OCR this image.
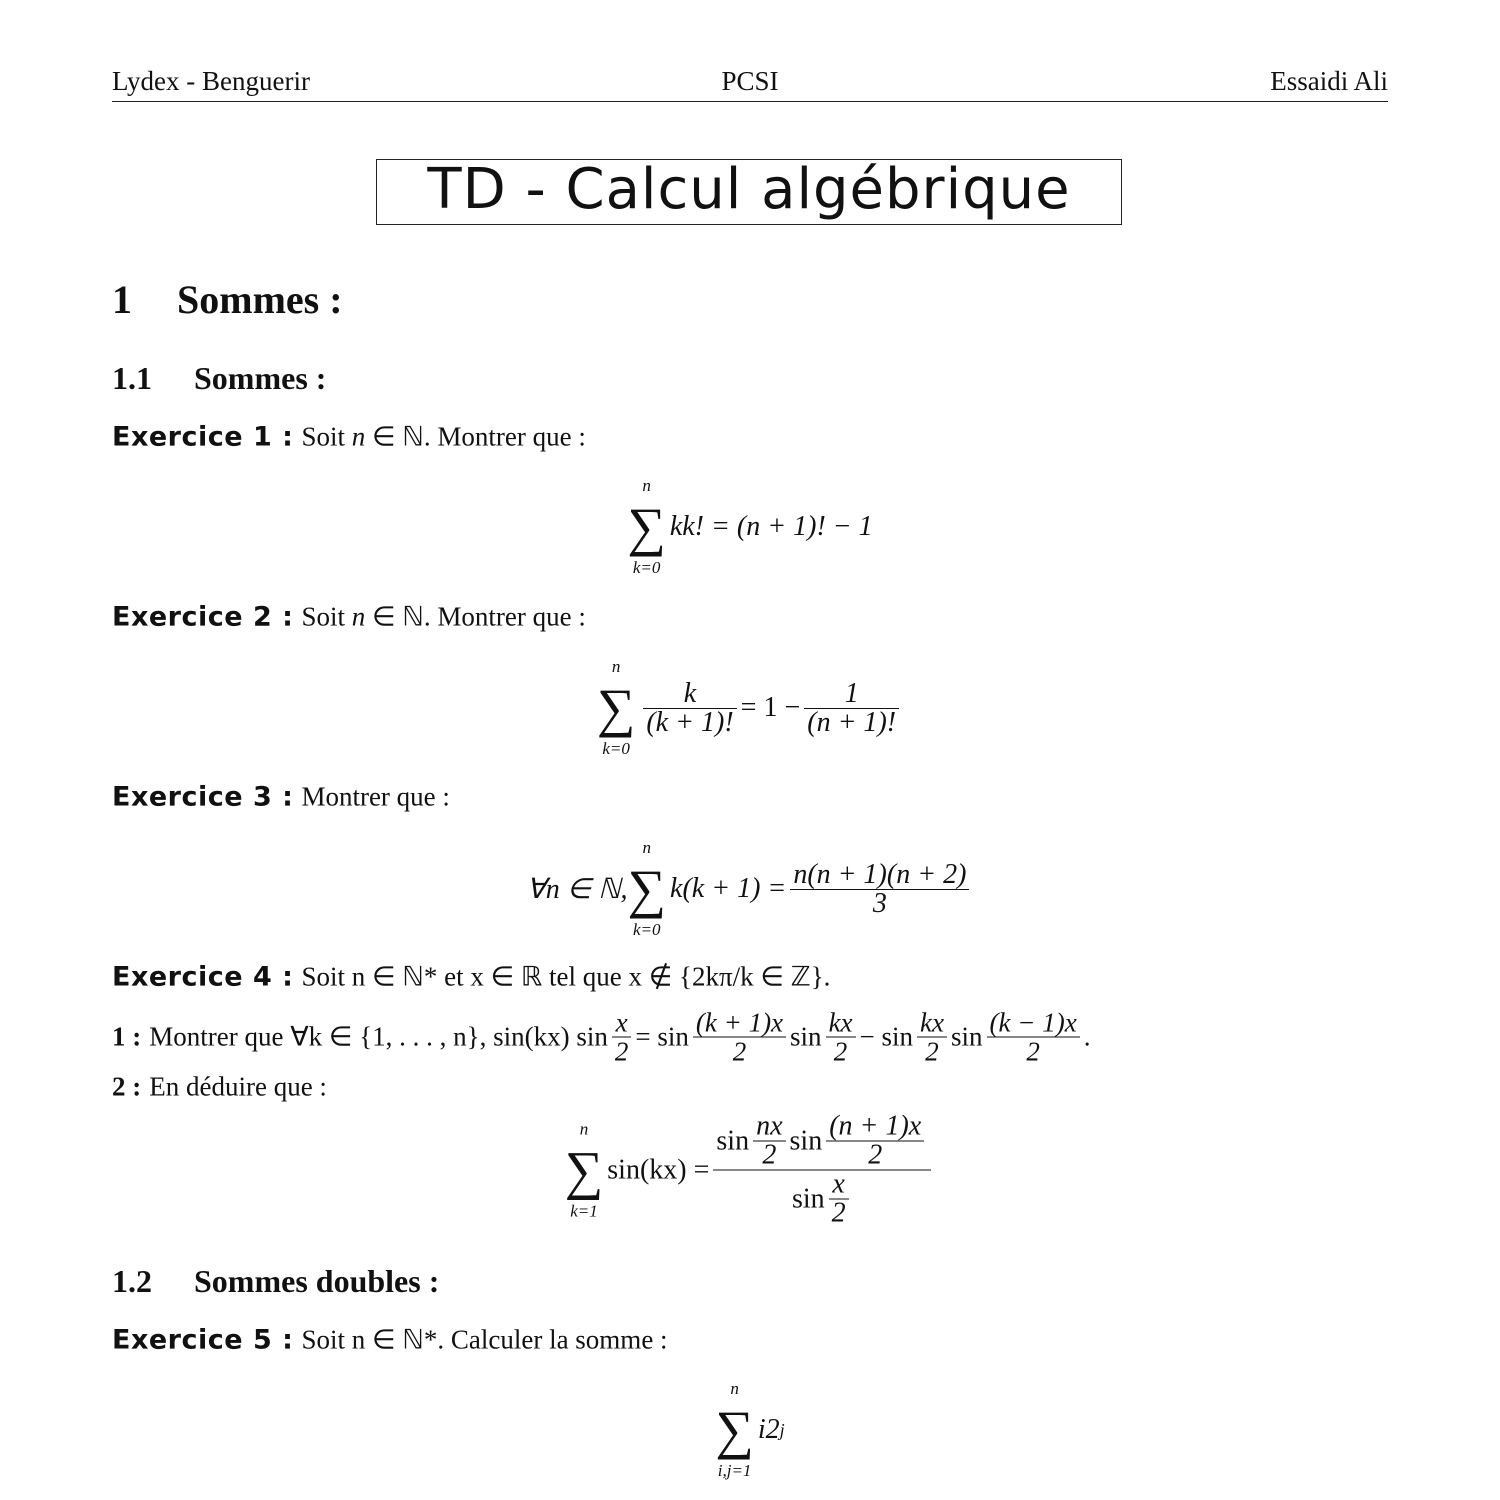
Lydex - Benguerir	PCSI	Essaidi Ali
TD - Calcul algébrique
1 Sommes :
1.1 Sommes :
Exercice 1 : Soit n ∈ ℕ. Montrer que :
n
∑
k=0
kk! = (n + 1)! − 1
Exercice 2 : Soit n ∈ ℕ. Montrer que :
n
∑
k=0
$\frac{k}{(k + 1)!} = 1 - \frac{1}{(n + 1)!}$
Exercice 3 : Montrer que :
∀n ∈ ℕ,
n
∑
k=0
$k(k + 1) = \frac{n(n + 1)(n + 2)}{3}$
Exercice 4 : Soit n ∈ ℕ* et x ∈ ℝ tel que x ∉ {2kπ/k ∈ ℤ}.
1 : Montrer que ∀k ∈ {1, . . . , n}, sin(kx) $\sin \frac{x}{2} = \sin \frac{(k + 1)x}{2}$ $\sin \frac{kx}{2} - \sin \frac{kx}{2}$ $\sin \frac{(k - 1)x}{2}$ .
2 : En déduire que :
n
∑
k=1
$\sin(kx) = \frac{\sin \frac{nx}{2} \sin \frac{(n + 1)x}{2}}{\sin \frac{x}{2}}$
1.2 Sommes doubles :
Exercice 5 : Soit n ∈ ℕ*. Calculer la somme :
n
∑
i,j=1
i2 j
